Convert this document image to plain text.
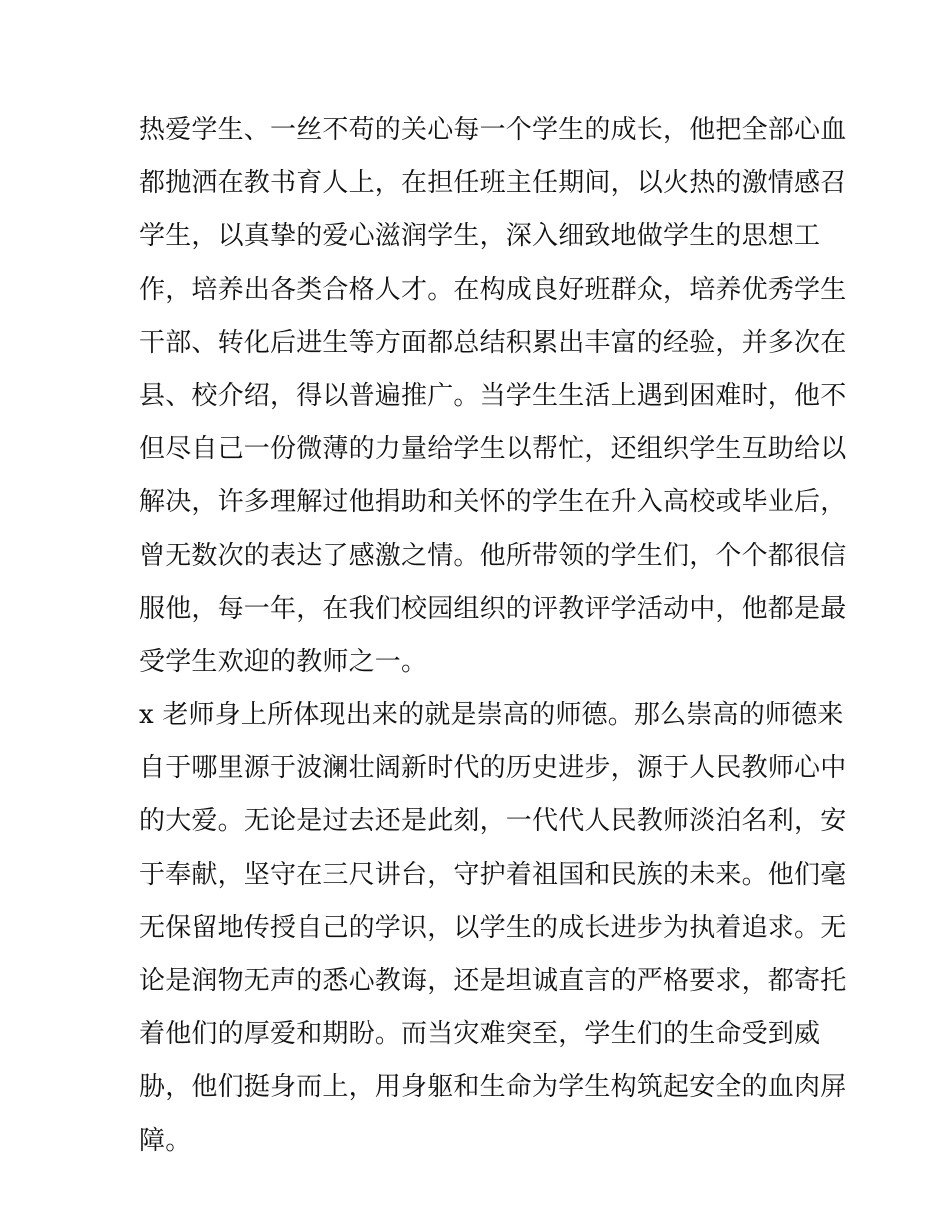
热爱学生、一丝不苟的关心每一个学生的成长，他把全部心血
都抛洒在教书育人上，在担任班主任期间，以火热的激情感召
学生，以真挚的爱心滋润学生，深入细致地做学生的思想工
作，培养出各类合格人才。在构成良好班群众，培养优秀学生
干部、转化后进生等方面都总结积累出丰富的经验，并多次在
县、校介绍，得以普遍推广。当学生生活上遇到困难时，他不
但尽自己一份微薄的力量给学生以帮忙，还组织学生互助给以
解决，许多理解过他捐助和关怀的学生在升入高校或毕业后，
曾无数次的表达了感激之情。他所带领的学生们，个个都很信
服他，每一年，在我们校园组织的评教评学活动中，他都是最
受学生欢迎的教师之一。
x 老师身上所体现出来的就是崇高的师德。那么崇高的师德来
自于哪里源于波澜壮阔新时代的历史进步，源于人民教师心中
的大爱。无论是过去还是此刻，一代代人民教师淡泊名利，安
于奉献，坚守在三尺讲台，守护着祖国和民族的未来。他们毫
无保留地传授自己的学识，以学生的成长进步为执着追求。无
论是润物无声的悉心教诲，还是坦诚直言的严格要求，都寄托
着他们的厚爱和期盼。而当灾难突至，学生们的生命受到威
胁，他们挺身而上，用身躯和生命为学生构筑起安全的血肉屏
障。
